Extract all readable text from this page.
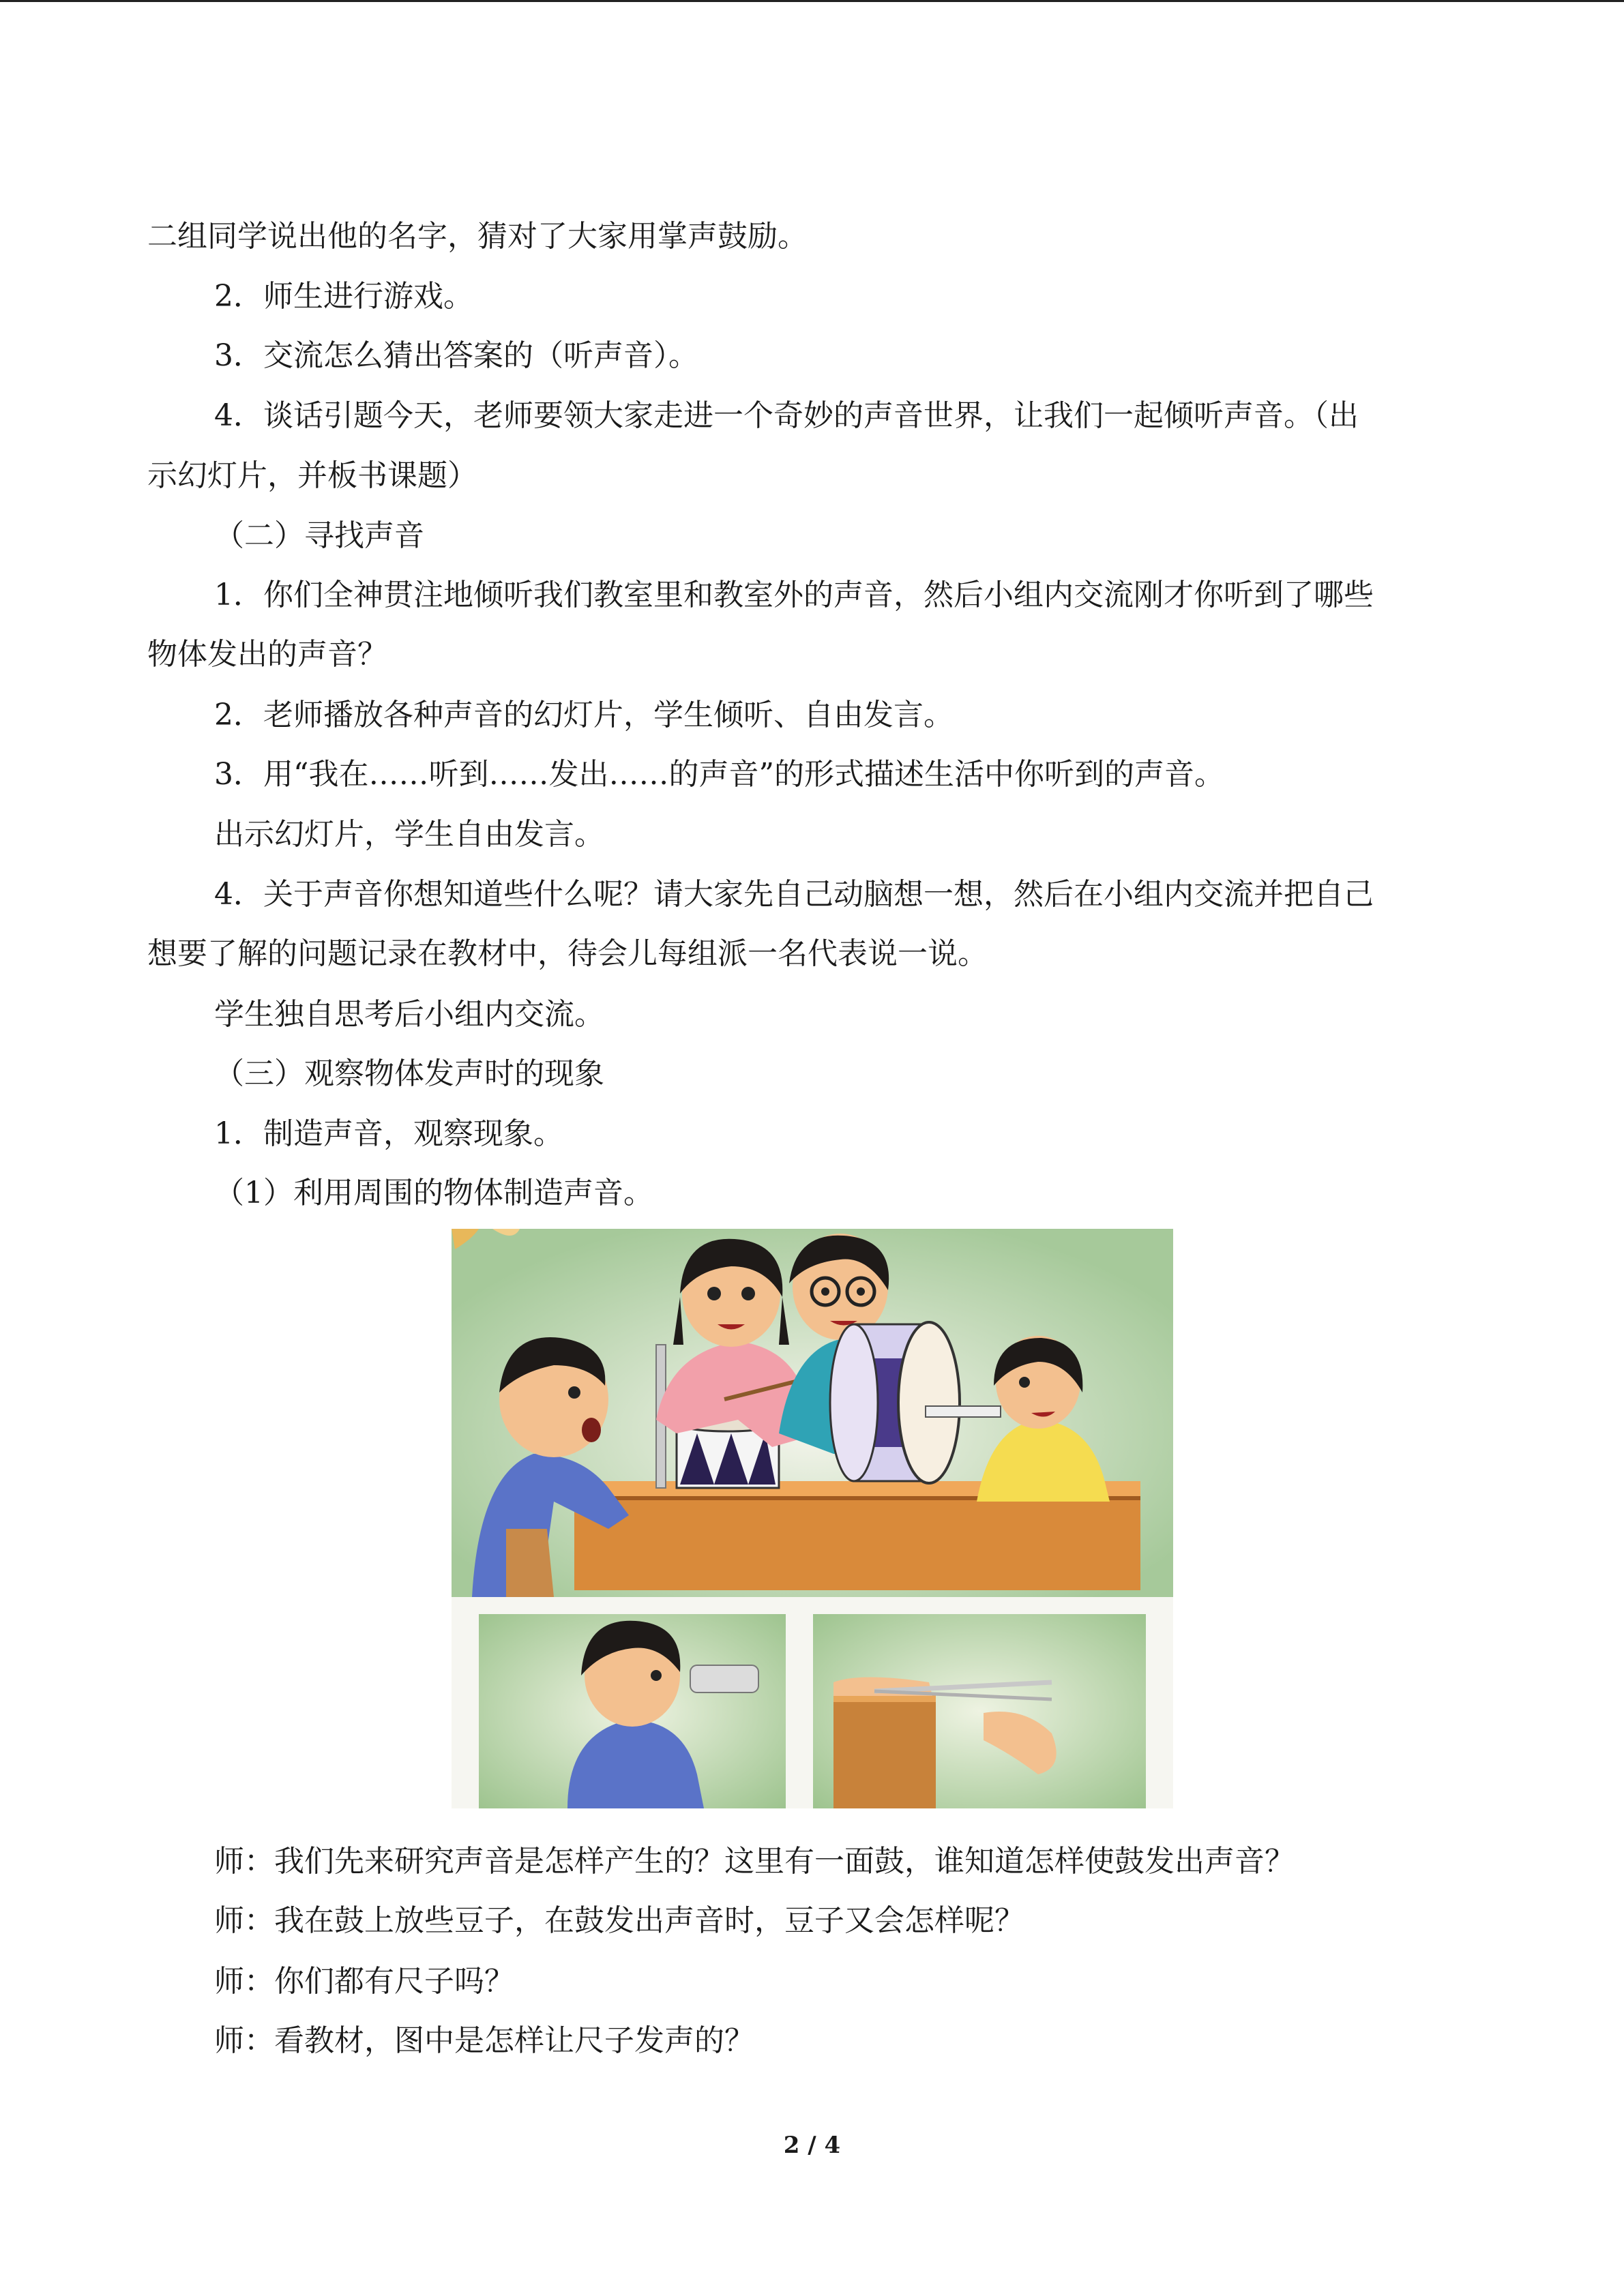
二组同学说出他的名字，猜对了大家用掌声鼓励。
2．师生进行游戏。
3．交流怎么猜出答案的（听声音）。
4．谈话引题今天，老师要领大家走进一个奇妙的声音世界，让我们一起倾听声音。（出
示幻灯片，并板书课题）
（二）寻找声音
1．你们全神贯注地倾听我们教室里和教室外的声音，然后小组内交流刚才你听到了哪些
物体发出的声音？
2．老师播放各种声音的幻灯片，学生倾听、自由发言。
3．用“我在……听到……发出……的声音”的形式描述生活中你听到的声音。
出示幻灯片，学生自由发言。
4．关于声音你想知道些什么呢？请大家先自己动脑想一想，然后在小组内交流并把自己
想要了解的问题记录在教材中，待会儿每组派一名代表说一说。
学生独自思考后小组内交流。
（三）观察物体发声时的现象
1．制造声音，观察现象。
（1）利用周围的物体制造声音。
师：我们先来研究声音是怎样产生的？这里有一面鼓，谁知道怎样使鼓发出声音？
师：我在鼓上放些豆子，在鼓发出声音时，豆子又会怎样呢？
师：你们都有尺子吗？
师：看教材，图中是怎样让尺子发声的？
2 / 4
